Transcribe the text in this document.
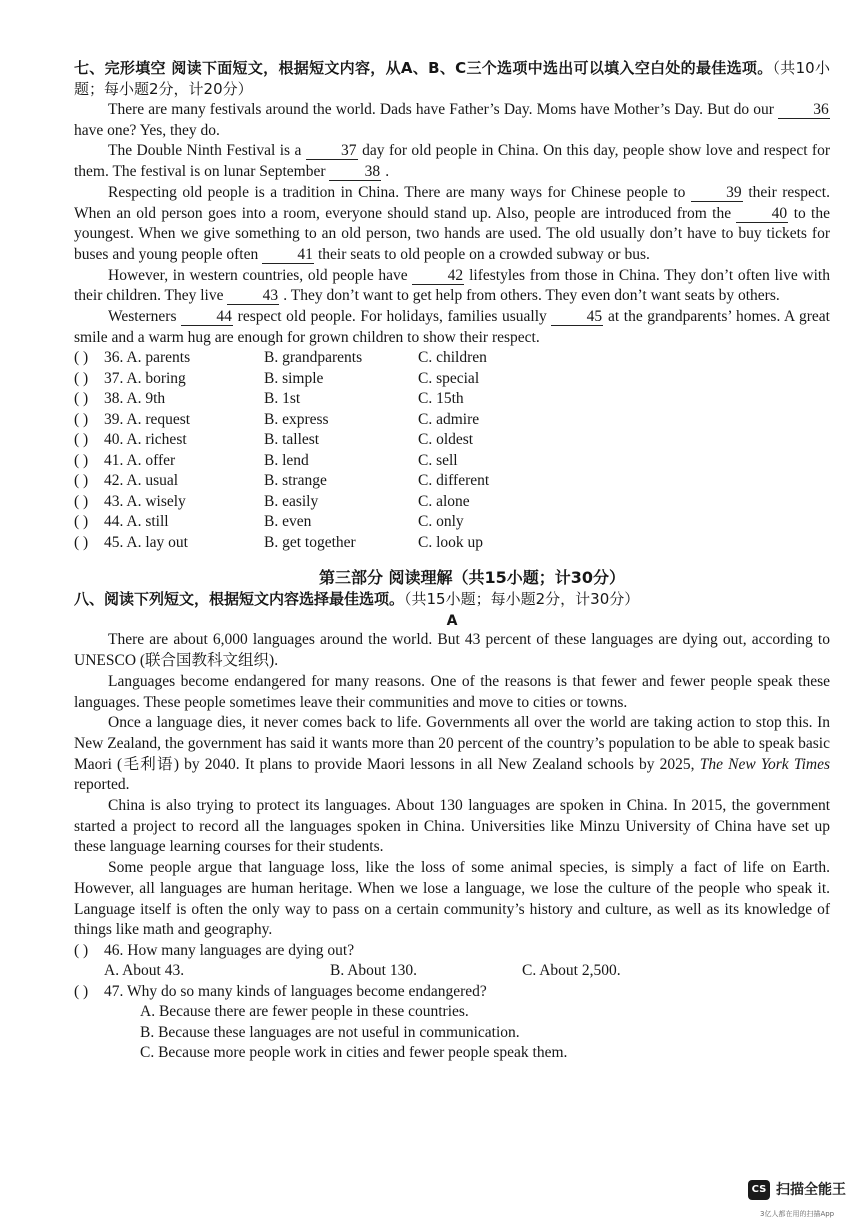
七、完形填空 阅读下面短文，根据短文内容，从A、B、C三个选项中选出可以填入空白处的最佳选项。（共10小题；每小题2分，计20分）

There are many festivals around the world. Dads have Father’s Day. Moms have Mother’s Day. But do our 36 have one? Yes, they do.

The Double Ninth Festival is a 37 day for old people in China. On this day, people show love and respect for them. The festival is on lunar September 38 .

Respecting old people is a tradition in China. There are many ways for Chinese people to 39 their respect. When an old person goes into a room, everyone should stand up. Also, people are introduced from the 40 to the youngest. When we give something to an old person, two hands are used. The old usually don’t have to buy tickets for buses and young people often 41 their seats to old people on a crowded subway or bus.

However, in western countries, old people have 42 lifestyles from those in China. They don’t often live with their children. They live 43 . They don’t want to get help from others. They even don’t want seats by others.

Westerners 44 respect old people. For holidays, families usually 45 at the grandparents’ homes. A great smile and a warm hug are enough for grown children to show their respect.

( )	36. A. parents	B. grandparents	C. children
( )	37. A. boring	B. simple	C. special
( )	38. A. 9th	B. 1st	C. 15th
( )	39. A. request	B. express	C. admire
( )	40. A. richest	B. tallest	C. oldest
( )	41. A. offer	B. lend	C. sell
( )	42. A. usual	B. strange	C. different
( )	43. A. wisely	B. easily	C. alone
( )	44. A. still	B. even	C. only
( )	45. A. lay out	B. get together	C. look up
第三部分 阅读理解（共15小题；计30分）

八、阅读下列短文，根据短文内容选择最佳选项。（共15小题；每小题2分，计30分）

A

There are about 6,000 languages around the world. But 43 percent of these languages are dying out, according to UNESCO (联合国教科文组织).

Languages become endangered for many reasons. One of the reasons is that fewer and fewer people speak these languages. These people sometimes leave their communities and move to cities or towns.

Once a language dies, it never comes back to life. Governments all over the world are taking action to stop this. In New Zealand, the government has said it wants more than 20 percent of the country’s population to be able to speak basic Maori (毛利语) by 2040. It plans to provide Maori lessons in all New Zealand schools by 2025, The New York Times reported.

China is also trying to protect its languages. About 130 languages are spoken in China. In 2015, the government started a project to record all the languages spoken in China. Universities like Minzu University of China have set up these language learning courses for their students.

Some people argue that language loss, like the loss of some animal species, is simply a fact of life on Earth. However, all languages are human heritage. When we lose a language, we lose the culture of the people who speak it. Language itself is often the only way to pass on a certain community’s history and culture, as well as its knowledge of things like math and geography.

( )	46. How many languages are dying out?
A. About 43.	B. About 130.	C. About 2,500.
( )	47. Why do so many kinds of languages become endangered?
A. Because there are fewer people in these countries.
B. Because these languages are not useful in communication.
C. Because more people work in cities and fewer people speak them.
CS 扫描全能王
3亿人都在用的扫描App
